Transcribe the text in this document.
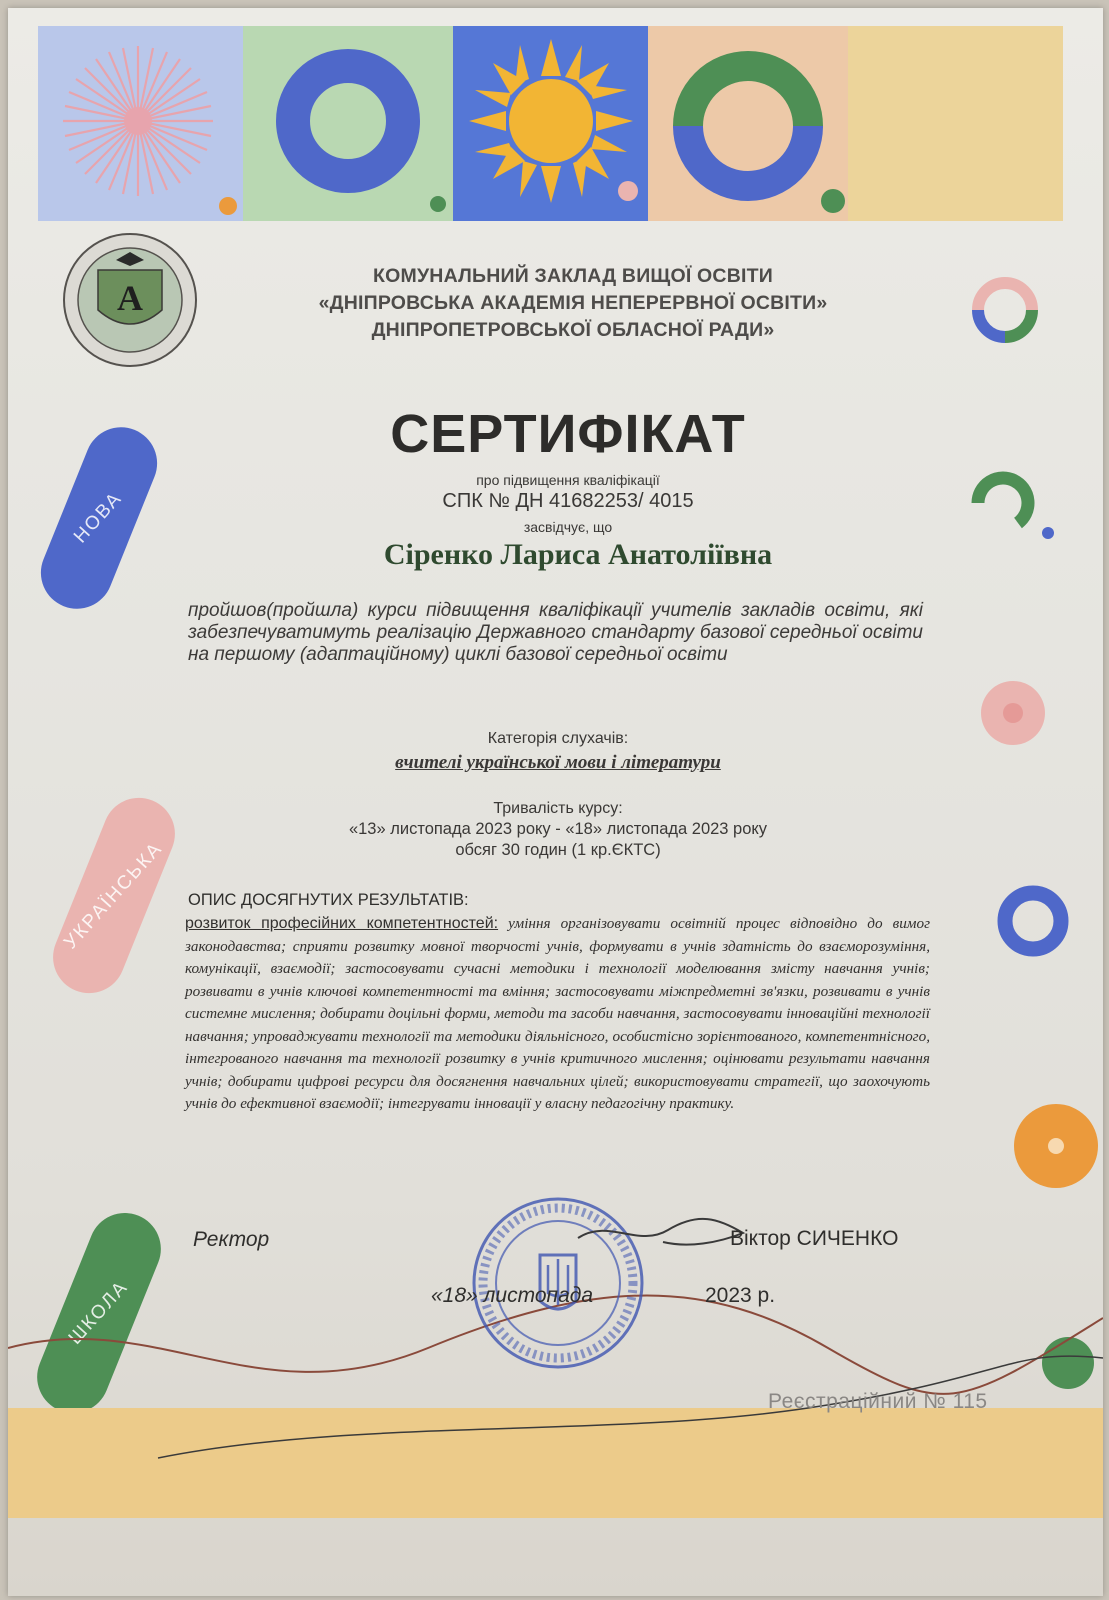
А
КОМУНАЛЬНИЙ ЗАКЛАД ВИЩОЇ ОСВІТИ
«ДНІПРОВСЬКА АКАДЕМІЯ НЕПЕРЕРВНОЇ ОСВІТИ»
ДНІПРОПЕТРОВСЬКОЇ ОБЛАСНОЇ РАДИ»
НОВА
УКРАЇНСЬКА
ШКОЛА
СЕРТИФІКАТ
про підвищення кваліфікації
СПК № ДН 41682253/ 4015
засвідчує, що
Сіренко Лариса Анатоліївна
пройшов(пройшла) курси підвищення кваліфікації учителів закладів освіти, які забезпечуватимуть реалізацію Державного стандарту базової середньої освіти на першому (адаптаційному) циклі базової середньої освіти
Категорія слухачів:
вчителі української мови і літератури
Тривалість курсу:
«13» листопада 2023 року - «18» листопада 2023 року
обсяг 30 годин (1 кр.ЄКТС)
ОПИС ДОСЯГНУТИХ РЕЗУЛЬТАТІВ:
розвиток професійних компетентностей: уміння організовувати освітній процес відповідно до вимог законодавства; сприяти розвитку мовної творчості учнів, формувати в учнів здатність до взаєморозуміння, комунікації, взаємодії; застосовувати сучасні методики і технології моделювання змісту навчання учнів; розвивати в учнів ключові компетентності та вміння; застосовувати міжпредметні зв'язки, розвивати в учнів системне мислення; добирати доцільні форми, методи та засоби навчання, застосовувати інноваційні технології навчання; упроваджувати технології та методики діяльнісного, особистісно зорієнтованого, компетентнісного, інтегрованого навчання та технології розвитку в учнів критичного мислення; оцінювати результати навчання учнів; добирати цифрові ресурси для досягнення навчальних цілей; використовувати стратегії, що заохочують учнів до ефективної взаємодії; інтегрувати інновації у власну педагогічну практику.
Ректор	Віктор СИЧЕНКО
«18» листопада	2023 р.
Реєстраційний № 115
